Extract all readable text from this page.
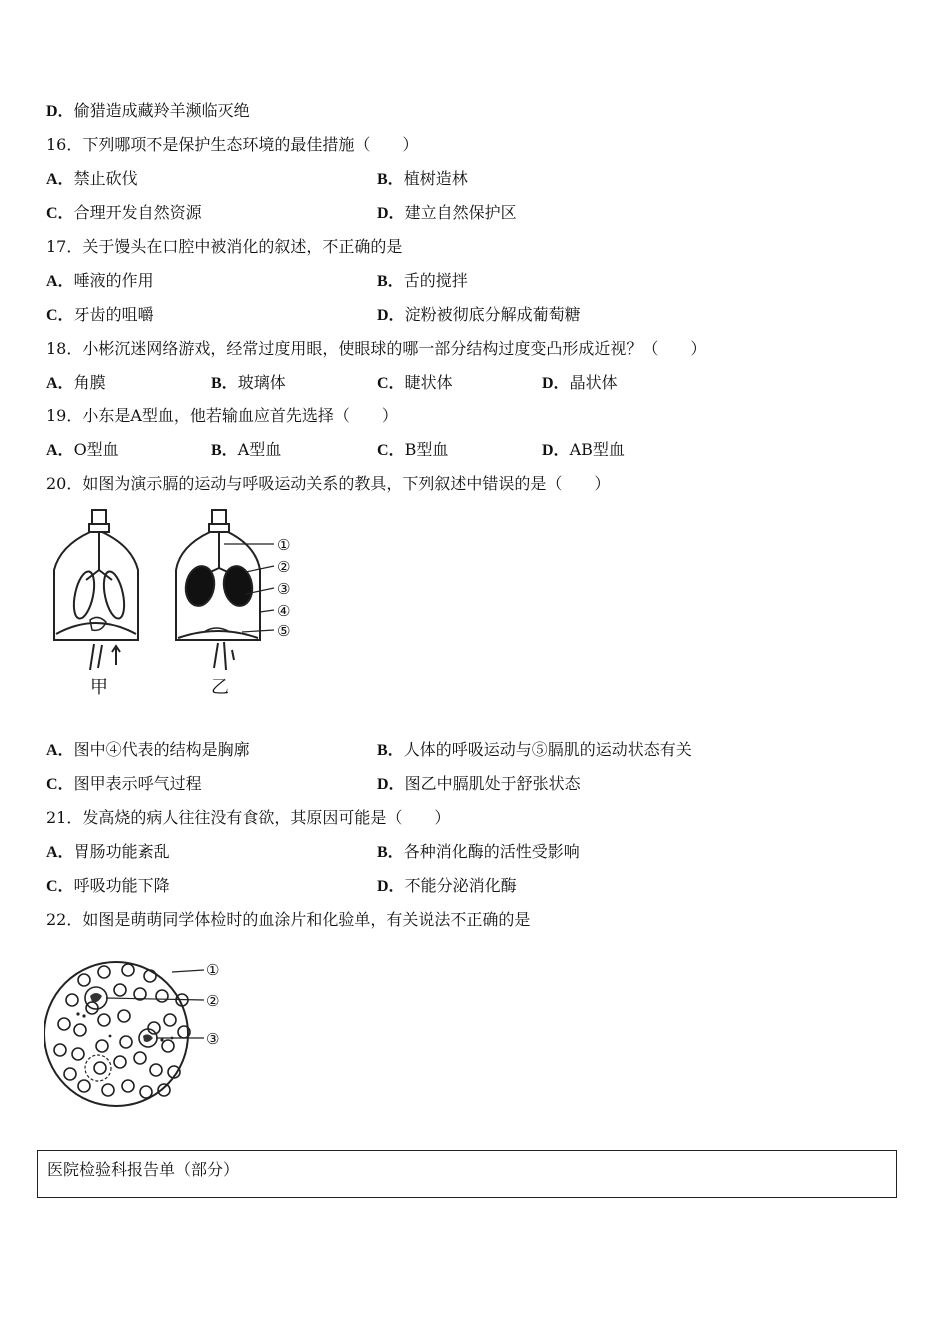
D．偷猎造成藏羚羊濒临灭绝
16．下列哪项不是保护生态环境的最佳措施（　　）
A．禁止砍伐	B．植树造林
C．合理开发自然资源	D．建立自然保护区
17．关于馒头在口腔中被消化的叙述，不正确的是
A．唾液的作用	B．舌的搅拌
C．牙齿的咀嚼	D．淀粉被彻底分解成葡萄糖
18．小彬沉迷网络游戏，经常过度用眼，使眼球的哪一部分结构过度变凸形成近视？（　　）
A．角膜	B．玻璃体	C．睫状体	D．晶状体
19．小东是A型血，他若输血应首先选择（　　）
A．O型血	B．A型血	C．B型血	D．AB型血
20．如图为演示膈的运动与呼吸运动关系的教具，下列叙述中错误的是（　　）
①
②
③
④
⑤
甲	乙
A．图中④代表的结构是胸廓	B．人体的呼吸运动与⑤膈肌的运动状态有关
C．图甲表示呼气过程	D．图乙中膈肌处于舒张状态
21．发高烧的病人往往没有食欲，其原因可能是（　　）
A．胃肠功能紊乱	B．各种消化酶的活性受影响
C．呼吸功能下降	D．不能分泌消化酶
22．如图是萌萌同学体检时的血涂片和化验单，有关说法不正确的是
①
②
③
医院检验科报告单（部分）
